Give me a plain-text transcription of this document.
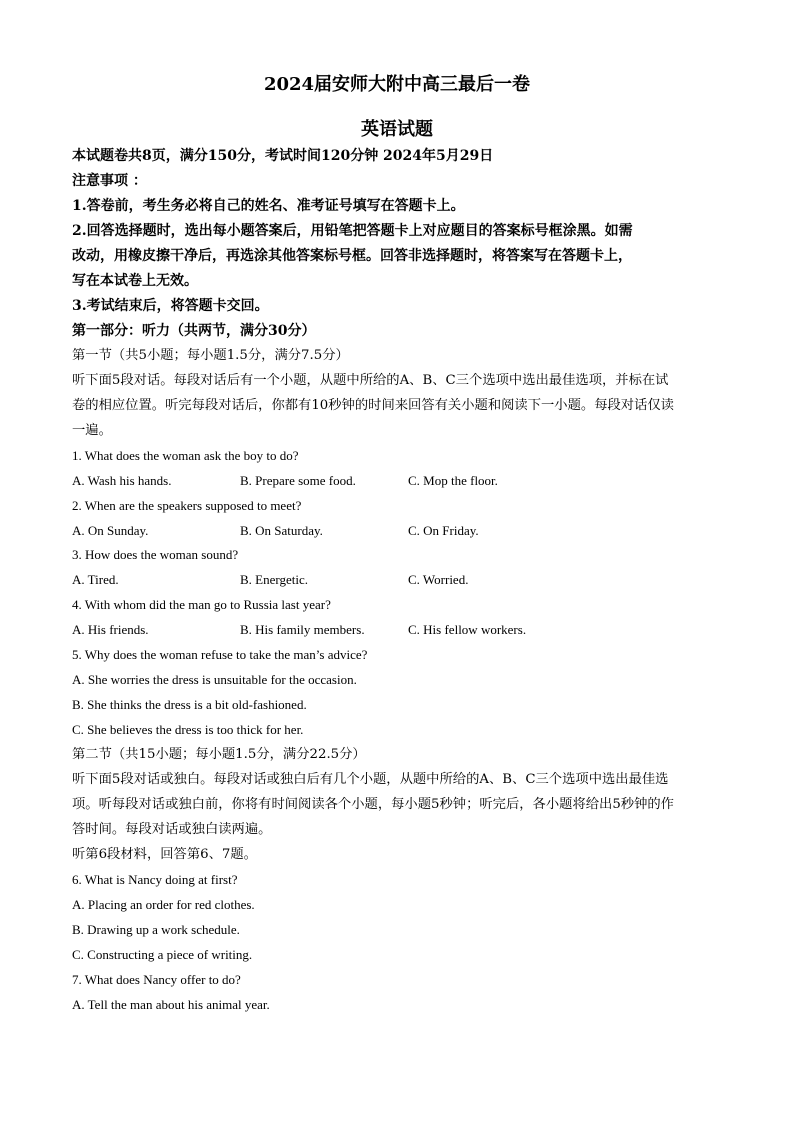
2024届安师大附中高三最后一卷
英语试题
本试题卷共8页，满分150分，考试时间120分钟 2024年5月29日
注意事项 ：
1.答卷前，考生务必将自己的姓名、准考证号填写在答题卡上。
2.回答选择题时，选出每小题答案后，用铅笔把答题卡上对应题目的答案标号框涂黑。如需
改动，用橡皮擦干净后，再选涂其他答案标号框。回答非选择题时，将答案写在答题卡上，
写在本试卷上无效。
3.考试结束后，将答题卡交回。
第一部分：听力（共两节，满分30分）
第一节（共5小题；每小题1.5分，满分7.5分）
听下面5段对话。每段对话后有一个小题，从题中所给的A、B、C三个选项中选出最佳选项，并标在试
卷的相应位置。听完每段对话后，你都有10秒钟的时间来回答有关小题和阅读下一小题。每段对话仅读
一遍。
1. What does the woman ask the boy to do?
A. Wash his hands.	B. Prepare some food.	C. Mop the floor.
2. When are the speakers supposed to meet?
A. On Sunday.	B. On Saturday.	C. On Friday.
3. How does the woman sound?
A. Tired.	B. Energetic.	C. Worried.
4. With whom did the man go to Russia last year?
A. His friends.	B. His family members.	C. His fellow workers.
5. Why does the woman refuse to take the man’s advice?
A. She worries the dress is unsuitable for the occasion.
B. She thinks the dress is a bit old-fashioned.
C. She believes the dress is too thick for her.
第二节（共15小题；每小题1.5分，满分22.5分）
听下面5段对话或独白。每段对话或独白后有几个小题，从题中所给的A、B、C三个选项中选出最佳选
项。听每段对话或独白前，你将有时间阅读各个小题，每小题5秒钟；听完后，各小题将给出5秒钟的作
答时间。每段对话或独白读两遍。
听第6段材料，回答第6、7题。
6. What is Nancy doing at first?
A. Placing an order for red clothes.
B. Drawing up a work schedule.
C. Constructing a piece of writing.
7. What does Nancy offer to do?
A. Tell the man about his animal year.
